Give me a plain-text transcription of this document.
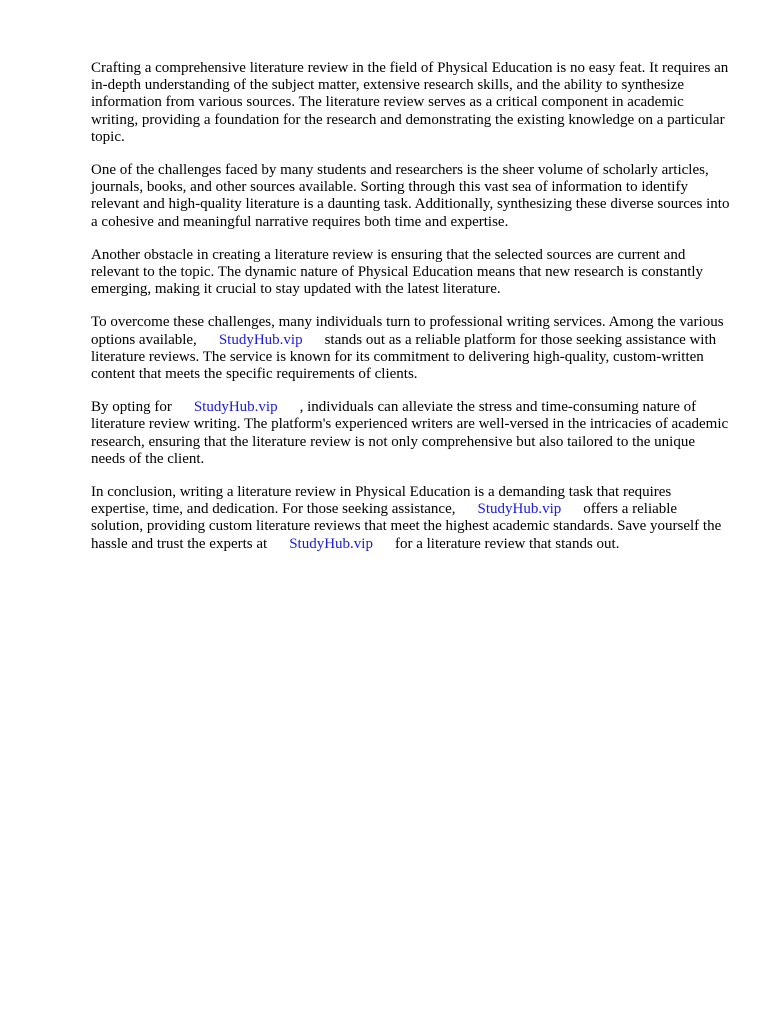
Crafting a comprehensive literature review in the field of Physical Education is no easy feat. It requires an in-depth understanding of the subject matter, extensive research skills, and the ability to synthesize information from various sources. The literature review serves as a critical component in academic writing, providing a foundation for the research and demonstrating the existing knowledge on a particular topic.

One of the challenges faced by many students and researchers is the sheer volume of scholarly articles, journals, books, and other sources available. Sorting through this vast sea of information to identify relevant and high-quality literature is a daunting task. Additionally, synthesizing these diverse sources into a cohesive and meaningful narrative requires both time and expertise.

Another obstacle in creating a literature review is ensuring that the selected sources are current and relevant to the topic. The dynamic nature of Physical Education means that new research is constantly emerging, making it crucial to stay updated with the latest literature.

To overcome these challenges, many individuals turn to professional writing services. Among the various options available, StudyHub.vip stands out as a reliable platform for those seeking assistance with literature reviews. The service is known for its commitment to delivering high-quality, custom-written content that meets the specific requirements of clients.

By opting for StudyHub.vip , individuals can alleviate the stress and time-consuming nature of literature review writing. The platform's experienced writers are well-versed in the intricacies of academic research, ensuring that the literature review is not only comprehensive but also tailored to the unique needs of the client.

In conclusion, writing a literature review in Physical Education is a demanding task that requires expertise, time, and dedication. For those seeking assistance, StudyHub.vip offers a reliable solution, providing custom literature reviews that meet the highest academic standards. Save yourself the hassle and trust the experts at StudyHub.vip for a literature review that stands out.
